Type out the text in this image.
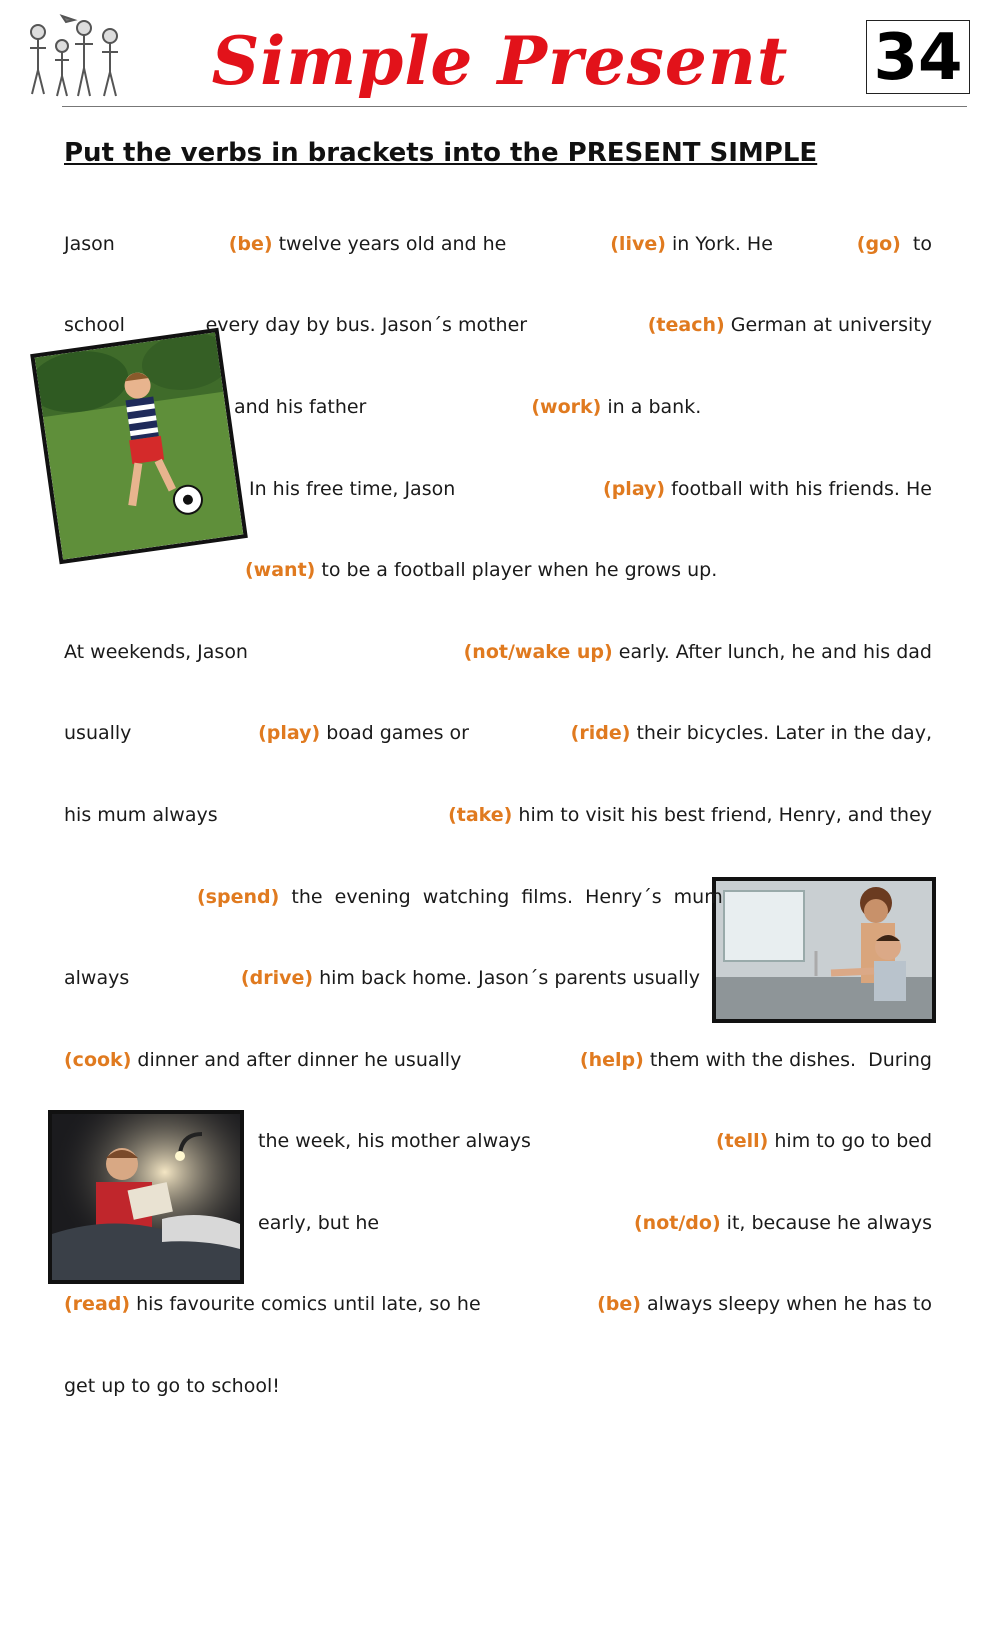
Simple Present	34
Put the verbs in brackets into the PRESENT SIMPLE
Jason	(be) twelve years old and he	(live) in York. He	(go)  to
school	every day by bus. Jason´s mother	(teach) German at university
and his father	(work) in a bank.
In his free time, Jason	(play) football with his friends. He
(want) to be a football player when he grows up.
At weekends, Jason	(not/wake up) early. After lunch, he and his dad
usually	(play) boad games or	(ride) their bicycles. Later in the day,
his mum always	(take) him to visit his best friend, Henry, and they
(spend)  the  evening  watching  films.  Henry´s  mum
always	(drive) him back home. Jason´s parents usually
(cook) dinner and after dinner he usually	(help) them with the dishes.  During
the week, his mother always	(tell) him to go to bed
early, but he	(not/do) it, because he always
(read) his favourite comics until late, so he	(be) always sleepy when he has to
get up to go to school!
